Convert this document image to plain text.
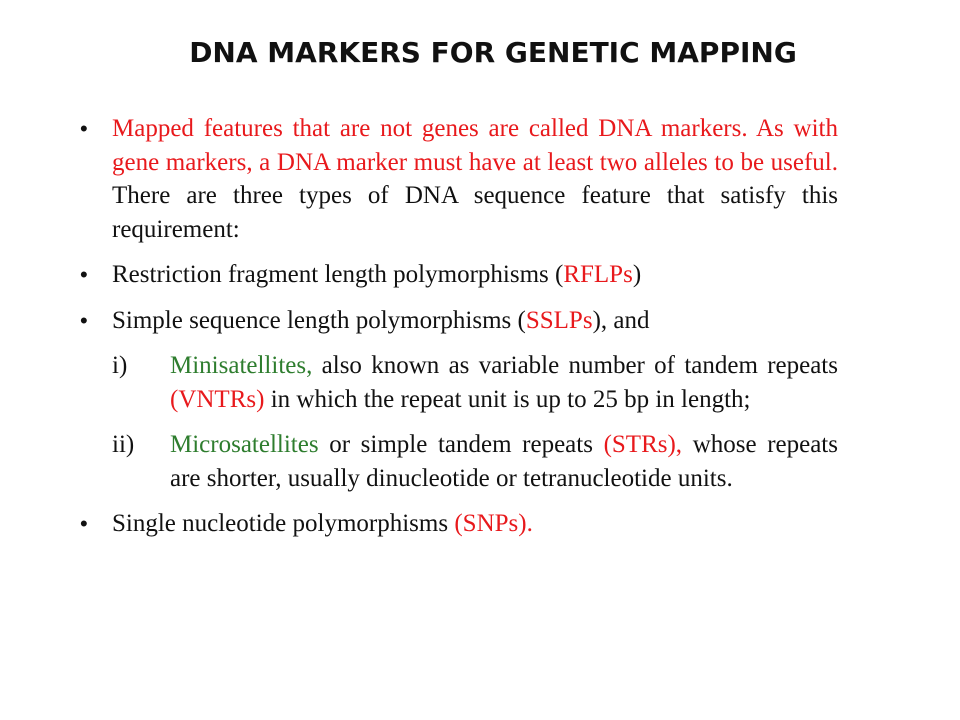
DNA MARKERS FOR GENETIC MAPPING
• Mapped features that are not genes are called DNA markers. As with gene markers, a DNA marker must have at least two alleles to be useful. There are three types of DNA sequence feature that satisfy this requirement:
• Restriction fragment length polymorphisms (RFLPs)
• Simple sequence length polymorphisms (SSLPs), and
i) Minisatellites, also known as variable number of tandem repeats (VNTRs) in which the repeat unit is up to 25 bp in length;
ii) Microsatellites or simple tandem repeats (STRs), whose repeats are shorter, usually dinucleotide or tetranucleotide units.
• Single nucleotide polymorphisms (SNPs).
